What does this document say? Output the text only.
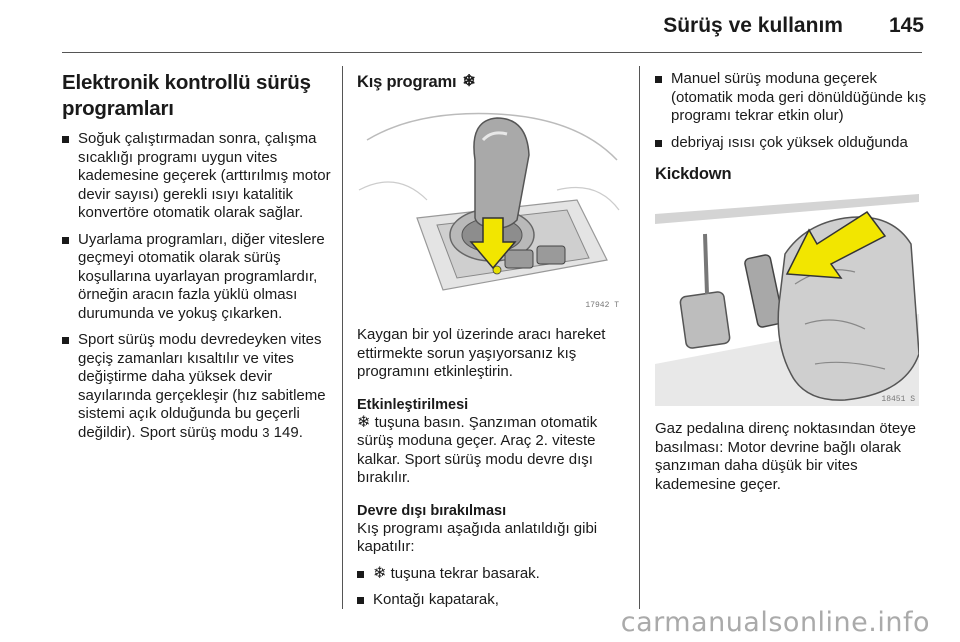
Sürüş ve kullanım 145
Elektronik kontrollü sürüş
programları
Soğuk çalıştırmadan sonra, çalışma sıcaklığı programı uygun vites kademesine geçerek (arttırılmış motor devir sayısı) gerekli ısıyı katalitik konvertöre otomatik olarak sağlar.
Uyarlama programları, diğer viteslere geçmeyi otomatik olarak sürüş koşullarına uyarlayan programlardır, örneğin aracın fazla yüklü olması durumunda ve yokuş çıkarken.
Sport sürüş modu devredeyken vites geçiş zamanları kısaltılır ve vites değiştirme daha yüksek devir sayılarında gerçekleşir (hız sabitleme sistemi açık olduğunda bu geçerli değildir). Sport sürüş modu 3 149.
Kış programı ❄
17942 T
Kaygan bir yol üzerinde aracı hareket ettirmekte sorun yaşıyorsanız kış programını etkinleştirin.
Etkinleştirilmesi
❄ tuşuna basın. Şanzıman otomatik sürüş moduna geçer. Araç 2. viteste kalkar. Sport sürüş modu devre dışı bırakılır.
Devre dışı bırakılması
Kış programı aşağıda anlatıldığı gibi kapatılır:
❄ tuşuna tekrar basarak.
Kontağı kapatarak,
Manuel sürüş moduna geçerek (otomatik moda geri dönüldüğünde kış programı tekrar etkin olur)
debriyaj ısısı çok yüksek olduğunda
Kickdown
18451 S
Gaz pedalına direnç noktasından öteye basılması: Motor devrine bağlı olarak şanzıman daha düşük bir vites kademesine geçer.
carmanualsonline.info
